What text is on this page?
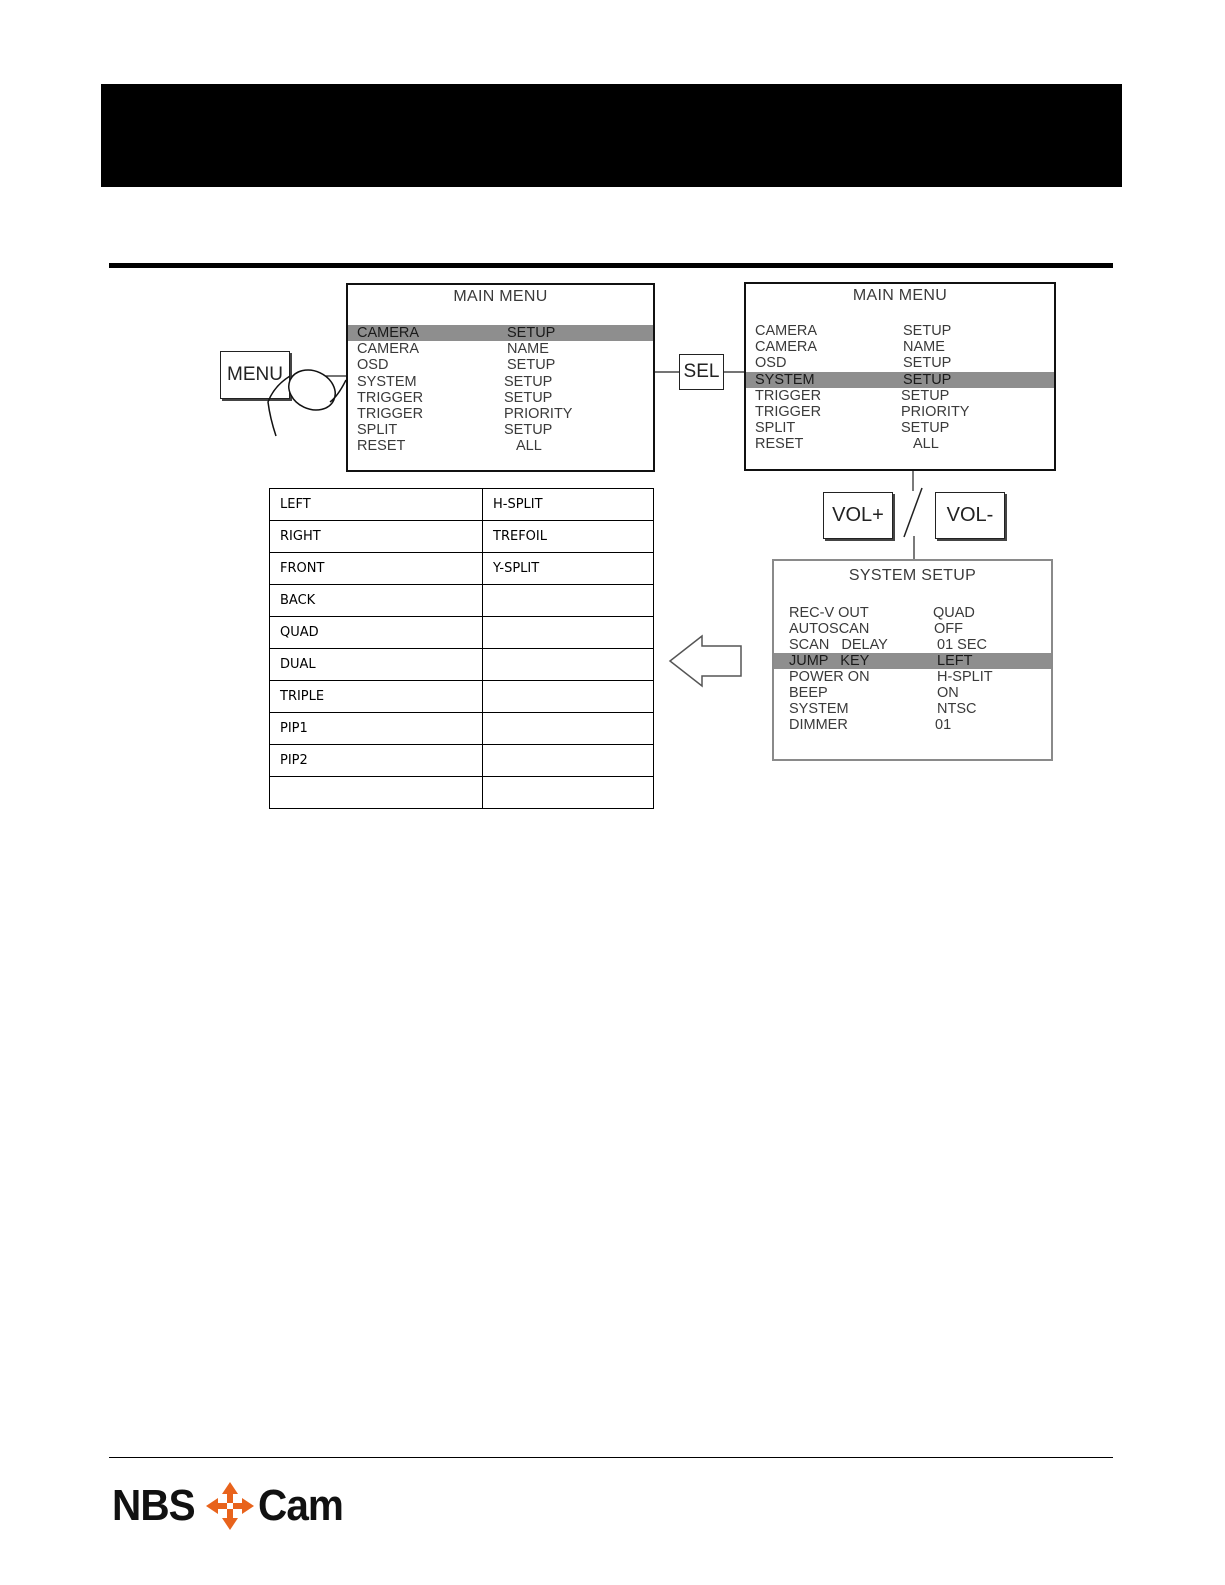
MENU
MAIN MENU
CAMERA	SETUP
CAMERA	NAME
OSD	SETUP
SYSTEM	SETUP
TRIGGER	SETUP
TRIGGER	PRIORITY
SPLIT	SETUP
RESET	ALL
SEL
MAIN MENU
CAMERA	SETUP
CAMERA	NAME
OSD	SETUP
SYSTEM	SETUP
TRIGGER	SETUP
TRIGGER	PRIORITY
SPLIT	SETUP
RESET	ALL
VOL+	VOL-
SYSTEM SETUP
REC-V OUT	QUAD
AUTOSCAN	OFF
SCAN   DELAY	01 SEC
JUMP   KEY	LEFT
POWER ON	H-SPLIT
BEEP	ON
SYSTEM	NTSC
DIMMER	01
LEFT	H-SPLIT
RIGHT	TREFOIL
FRONT	Y-SPLIT
BACK	
QUAD	
DUAL	
TRIPLE	
PIP1	
PIP2	

NBS Cam
